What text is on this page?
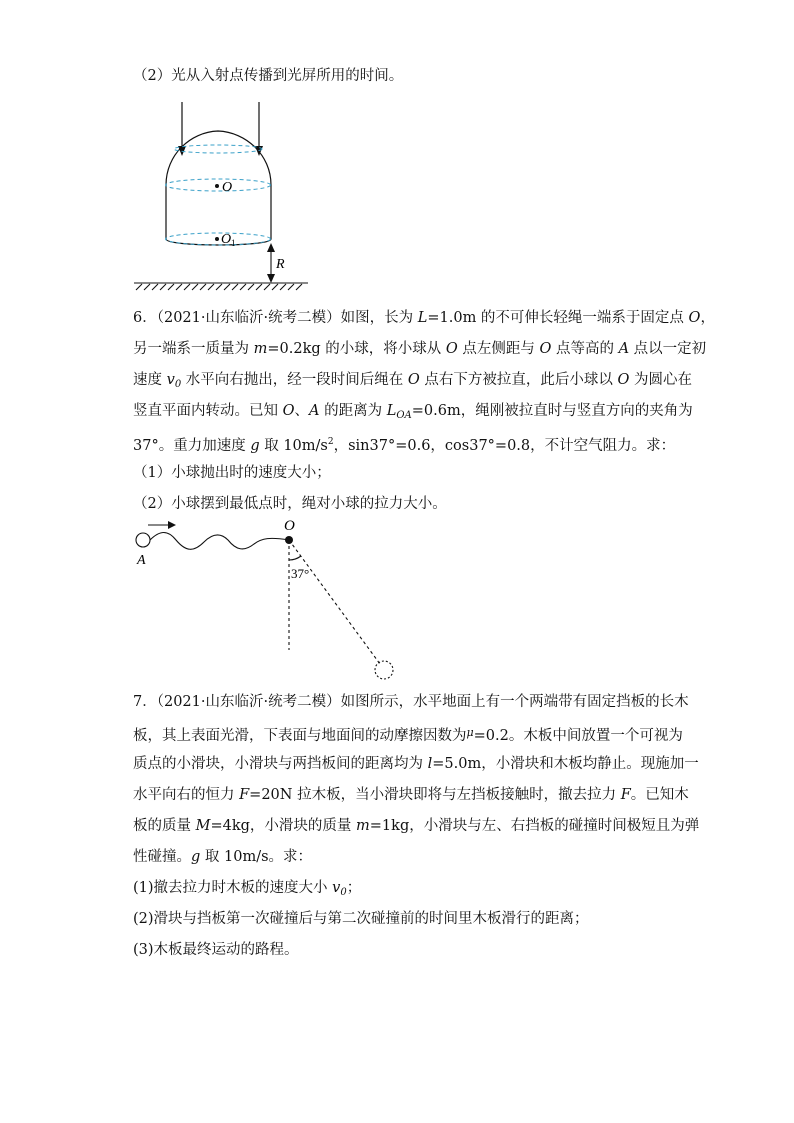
（2）光从入射点传播到光屏所用的时间。
O
O 1
R
6．（2021·山东临沂·统考二模）如图，长为 L=1.0m 的不可伸长轻绳一端系于固定点 O，
另一端系一质量为 m=0.2kg 的小球，将小球从 O 点左侧距与 O 点等高的 A 点以一定初
速度 $v_0$ 水平向右抛出，经一段时间后绳在 O 点右下方被拉直，此后小球以 O 为圆心在
竖直平面内转动。已知 O、A 的距离为 $L_{OA}=0.6m$，绳刚被拉直时与竖直方向的夹角为
37°。重力加速度 g 取 $10m/s^2$，sin37°=0.6，cos37°=0.8，不计空气阻力。求：
（1）小球抛出时的速度大小；
（2）小球摆到最低点时，绳对小球的拉力大小。
O
A
37°
7．（2021·山东临沂·统考二模）如图所示，水平地面上有一个两端带有固定挡板的长木
板，其上表面光滑，下表面与地面间的动摩擦因数为$^\mu$=0.2。木板中间放置一个可视为
质点的小滑块，小滑块与两挡板间的距离均为 l=5.0m，小滑块和木板均静止。现施加一
水平向右的恒力 F=20N 拉木板，当小滑块即将与左挡板接触时，撤去拉力 F。已知木
板的质量 M=4kg，小滑块的质量 m=1kg，小滑块与左、右挡板的碰撞时间极短且为弹
性碰撞。g 取 10m/s。求：
(1)撤去拉力时木板的速度大小 $v_0$；
(2)滑块与挡板第一次碰撞后与第二次碰撞前的时间里木板滑行的距离；
(3)木板最终运动的路程。
